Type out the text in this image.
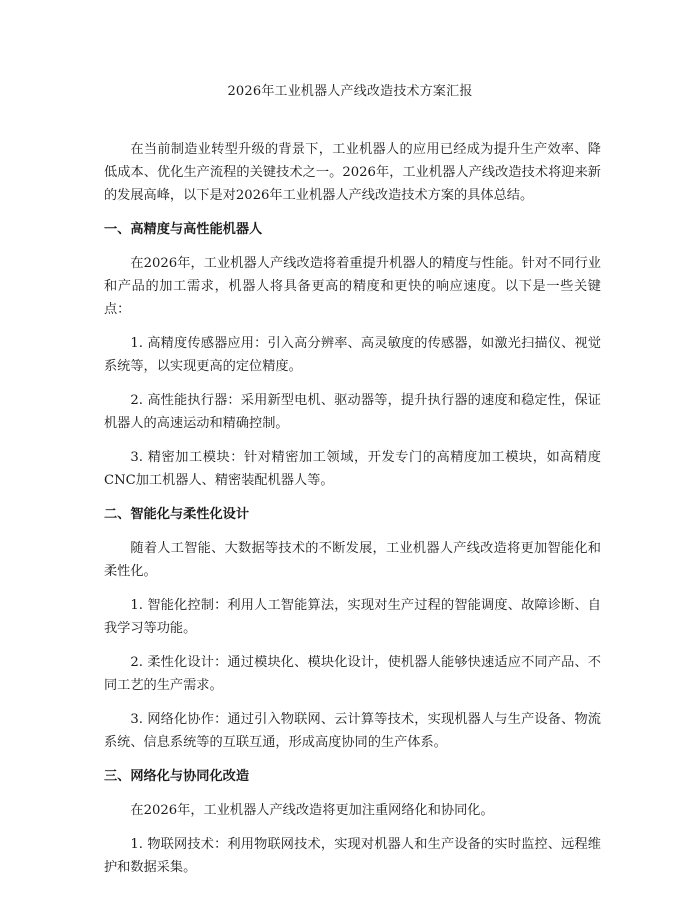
2026年工业机器人产线改造技术方案汇报

在当前制造业转型升级的背景下，工业机器人的应用已经成为提升生产效率、降低成本、优化生产流程的关键技术之一。2026年，工业机器人产线改造技术将迎来新的发展高峰，以下是对2026年工业机器人产线改造技术方案的具体总结。

一、高精度与高性能机器人

在2026年，工业机器人产线改造将着重提升机器人的精度与性能。针对不同行业和产品的加工需求，机器人将具备更高的精度和更快的响应速度。以下是一些关键点：

1. 高精度传感器应用：引入高分辨率、高灵敏度的传感器，如激光扫描仪、视觉系统等，以实现更高的定位精度。

2. 高性能执行器：采用新型电机、驱动器等，提升执行器的速度和稳定性，保证机器人的高速运动和精确控制。

3. 精密加工模块：针对精密加工领域，开发专门的高精度加工模块，如高精度CNC加工机器人、精密装配机器人等。

二、智能化与柔性化设计

随着人工智能、大数据等技术的不断发展，工业机器人产线改造将更加智能化和柔性化。

1. 智能化控制：利用人工智能算法，实现对生产过程的智能调度、故障诊断、自我学习等功能。

2. 柔性化设计：通过模块化、模块化设计，使机器人能够快速适应不同产品、不同工艺的生产需求。

3. 网络化协作：通过引入物联网、云计算等技术，实现机器人与生产设备、物流系统、信息系统等的互联互通，形成高度协同的生产体系。

三、网络化与协同化改造

在2026年，工业机器人产线改造将更加注重网络化和协同化。

1. 物联网技术：利用物联网技术，实现对机器人和生产设备的实时监控、远程维护和数据采集。
